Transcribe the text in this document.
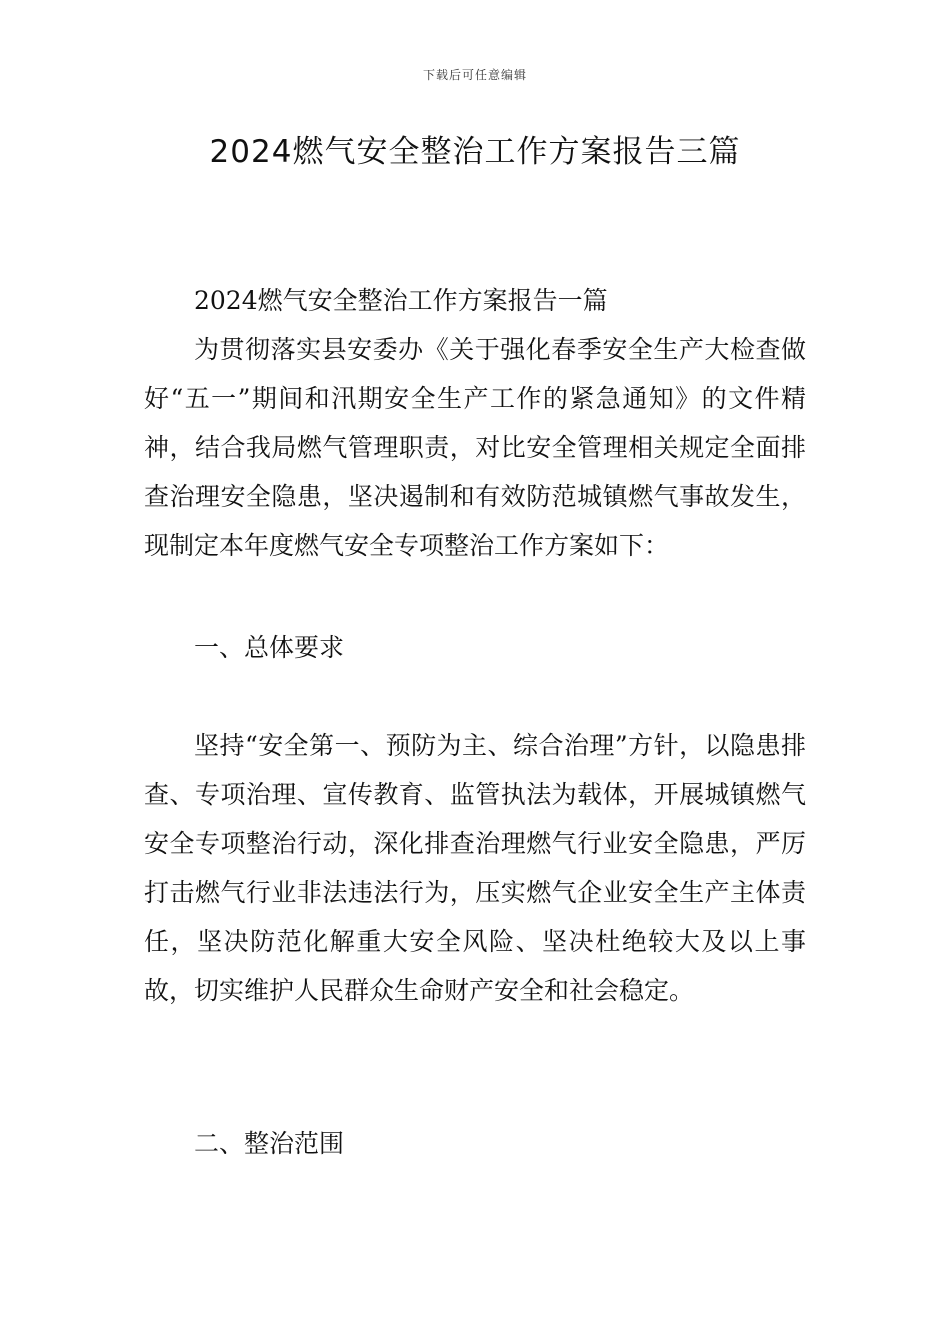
下载后可任意编辑
2024燃气安全整治工作方案报告三篇

2024燃气安全整治工作方案报告一篇

为贯彻落实县安委办《关于强化春季安全生产大检查做好“五一”期间和汛期安全生产工作的紧急通知》的文件精神，结合我局燃气管理职责，对比安全管理相关规定全面排查治理安全隐患，坚决遏制和有效防范城镇燃气事故发生，现制定本年度燃气安全专项整治工作方案如下：

一、总体要求

坚持“安全第一、预防为主、综合治理”方针，以隐患排查、专项治理、宣传教育、监管执法为载体，开展城镇燃气安全专项整治行动，深化排查治理燃气行业安全隐患，严厉打击燃气行业非法违法行为，压实燃气企业安全生产主体责任，坚决防范化解重大安全风险、坚决杜绝较大及以上事故，切实维护人民群众生命财产安全和社会稳定。

二、整治范围
